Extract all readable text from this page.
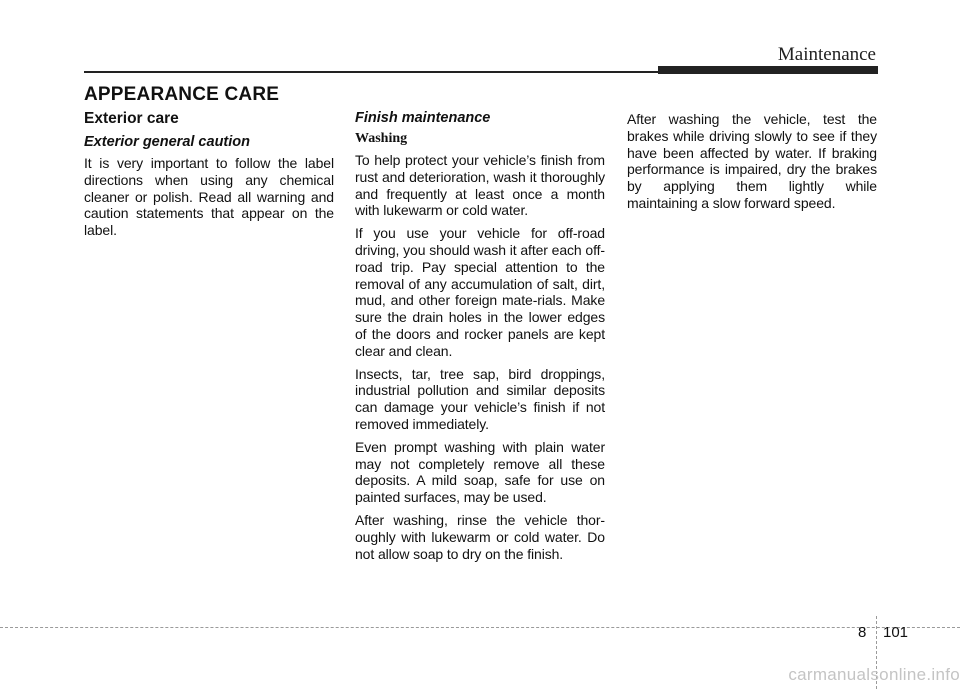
Maintenance
APPEARANCE CARE
Exterior care
Exterior general caution

It is very important to follow the label directions when using any chemical cleaner or polish. Read all warning and caution statements that appear on the label.

Finish maintenance
Washing

To help protect your vehicle’s finish from rust and deterioration, wash it thoroughly and frequently at least once a month with lukewarm or cold water.

If you use your vehicle for off-road driving, you should wash it after each off-road trip. Pay special attention to the removal of any accumulation of salt, dirt, mud, and other foreign mate-rials. Make sure the drain holes in the lower edges of the doors and rocker panels are kept clear and clean.

Insects, tar, tree sap, bird droppings, industrial pollution and similar deposits can damage your vehicle’s finish if not removed immediately.

Even prompt washing with plain water may not completely remove all these deposits. A mild soap, safe for use on painted surfaces, may be used.

After washing, rinse the vehicle thor-oughly with lukewarm or cold water. Do not allow soap to dry on the finish.

After washing the vehicle, test the brakes while driving slowly to see if they have been affected by water. If braking performance is impaired, dry the brakes by applying them lightly while maintaining a slow forward speed.

8 101
carmanualsonline.info
